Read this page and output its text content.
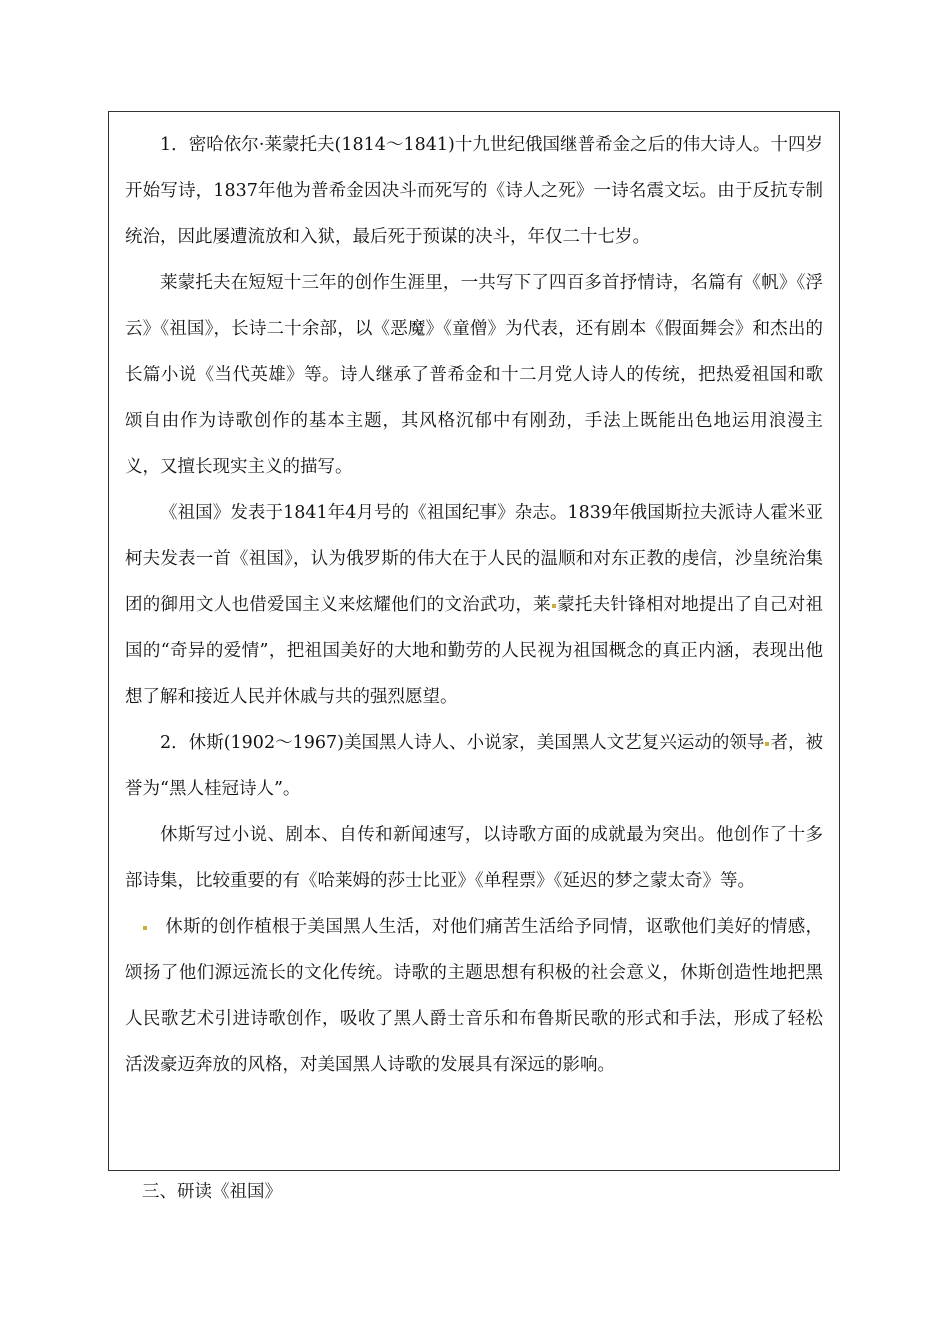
1．密哈依尔·莱蒙托夫(1814～1841)十九世纪俄国继普希金之后的伟大诗人。十四岁开始写诗，1837年他为普希金因决斗而死写的《诗人之死》一诗名震文坛。由于反抗专制统治，因此屡遭流放和入狱，最后死于预谋的决斗，年仅二十七岁。

莱蒙托夫在短短十三年的创作生涯里，一共写下了四百多首抒情诗，名篇有《帆》《浮云》《祖国》，长诗二十余部，以《恶魔》《童僧》为代表，还有剧本《假面舞会》和杰出的长篇小说《当代英雄》等。诗人继承了普希金和十二月党人诗人的传统，把热爱祖国和歌颂自由作为诗歌创作的基本主题，其风格沉郁中有刚劲，手法上既能出色地运用浪漫主义，又擅长现实主义的描写。

《祖国》发表于1841年4月号的《祖国纪事》杂志。1839年俄国斯拉夫派诗人霍米亚柯夫发表一首《祖国》，认为俄罗斯的伟大在于人民的温顺和对东正教的虔信，沙皇统治集团的御用文人也借爱国主义来炫耀他们的文治武功，莱 蒙托夫针锋相对地提出了自己对祖国的“奇异的爱情”，把祖国美好的大地和勤劳的人民视为祖国概念的真正内涵，表现出他想了解和接近人民并休戚与共的强烈愿望。

2．休斯(1902～1967)美国黑人诗人、小说家，美国黑人文艺复兴运动的领导 者，被誉为“黑人桂冠诗人”。

休斯写过小说、剧本、自传和新闻速写，以诗歌方面的成就最为突出。他创作了十多部诗集，比较重要的有《哈莱姆的莎士比亚》《单程票》《延迟的梦之蒙太奇》等。

休斯的创作植根于美国黑人生活，对他们痛苦生活给予同情，讴歌他们美好的情感，颂扬了他们源远流长的文化传统。诗歌的主题思想有积极的社会意义，休斯创造性地把黑人民歌艺术引进诗歌创作，吸收了黑人爵士音乐和布鲁斯民歌的形式和手法，形成了轻松活泼豪迈奔放的风格，对美国黑人诗歌的发展具有深远的影响。

三、研读《祖国》
